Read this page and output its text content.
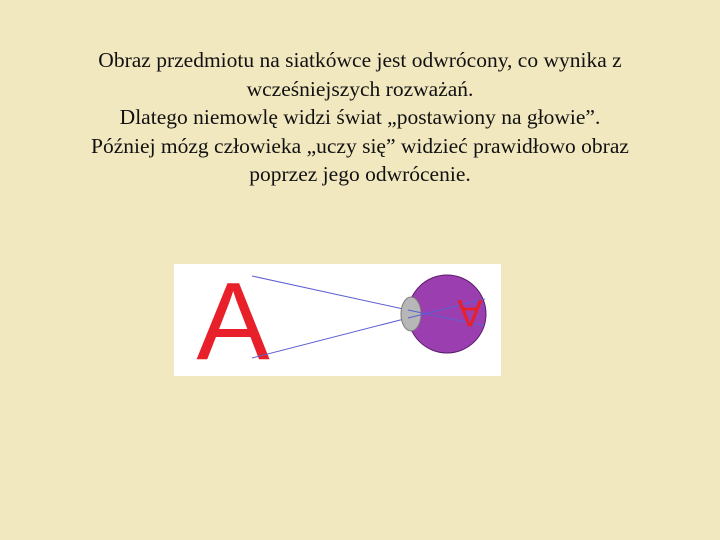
Obraz przedmiotu na siatkówce jest odwrócony, co wynika z
wcześniejszych rozważań.
Dlatego niemowlę widzi świat „postawiony na głowie”.
Później mózg człowieka „uczy się” widzieć prawidłowo obraz
poprzez jego odwrócenie.
A	A
